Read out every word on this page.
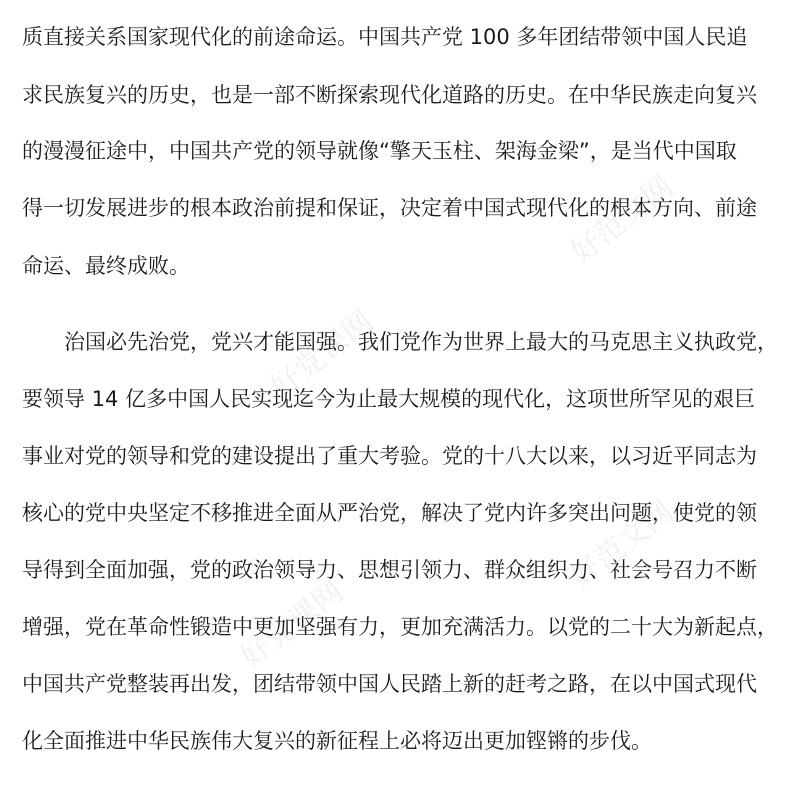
好范文网
好党课网
好范文网
好党课网
质直接关系国家现代化的前途命运。中国共产党 100 多年团结带领中国人民追
求民族复兴的历史，也是一部不断探索现代化道路的历史。在中华民族走向复兴
的漫漫征途中，中国共产党的领导就像“擎天玉柱、架海金梁”，是当代中国取
得一切发展进步的根本政治前提和保证，决定着中国式现代化的根本方向、前途
命运、最终成败。
治国必先治党，党兴才能国强。我们党作为世界上最大的马克思主义执政党，
要领导 14 亿多中国人民实现迄今为止最大规模的现代化，这项世所罕见的艰巨
事业对党的领导和党的建设提出了重大考验。党的十八大以来，以习近平同志为
核心的党中央坚定不移推进全面从严治党，解决了党内许多突出问题，使党的领
导得到全面加强，党的政治领导力、思想引领力、群众组织力、社会号召力不断
增强，党在革命性锻造中更加坚强有力，更加充满活力。以党的二十大为新起点，
中国共产党整装再出发，团结带领中国人民踏上新的赶考之路，在以中国式现代
化全面推进中华民族伟大复兴的新征程上必将迈出更加铿锵的步伐。
